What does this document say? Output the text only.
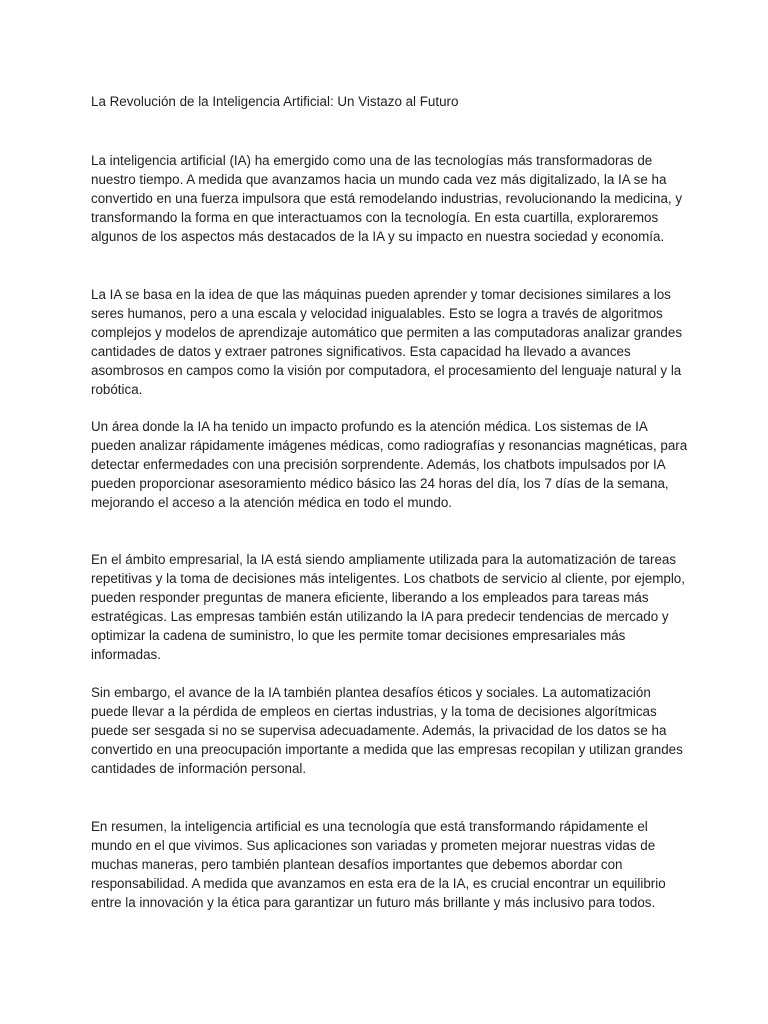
La Revolución de la Inteligencia Artificial: Un Vistazo al Futuro

La inteligencia artificial (IA) ha emergido como una de las tecnologías más transformadoras de nuestro tiempo. A medida que avanzamos hacia un mundo cada vez más digitalizado, la IA se ha convertido en una fuerza impulsora que está remodelando industrias, revolucionando la medicina, y transformando la forma en que interactuamos con la tecnología. En esta cuartilla, exploraremos algunos de los aspectos más destacados de la IA y su impacto en nuestra sociedad y economía.

La IA se basa en la idea de que las máquinas pueden aprender y tomar decisiones similares a los seres humanos, pero a una escala y velocidad inigualables. Esto se logra a través de algoritmos complejos y modelos de aprendizaje automático que permiten a las computadoras analizar grandes cantidades de datos y extraer patrones significativos. Esta capacidad ha llevado a avances asombrosos en campos como la visión por computadora, el procesamiento del lenguaje natural y la robótica.

Un área donde la IA ha tenido un impacto profundo es la atención médica. Los sistemas de IA pueden analizar rápidamente imágenes médicas, como radiografías y resonancias magnéticas, para detectar enfermedades con una precisión sorprendente. Además, los chatbots impulsados por IA pueden proporcionar asesoramiento médico básico las 24 horas del día, los 7 días de la semana, mejorando el acceso a la atención médica en todo el mundo.

En el ámbito empresarial, la IA está siendo ampliamente utilizada para la automatización de tareas repetitivas y la toma de decisiones más inteligentes. Los chatbots de servicio al cliente, por ejemplo, pueden responder preguntas de manera eficiente, liberando a los empleados para tareas más estratégicas. Las empresas también están utilizando la IA para predecir tendencias de mercado y optimizar la cadena de suministro, lo que les permite tomar decisiones empresariales más informadas.

Sin embargo, el avance de la IA también plantea desafíos éticos y sociales. La automatización puede llevar a la pérdida de empleos en ciertas industrias, y la toma de decisiones algorítmicas puede ser sesgada si no se supervisa adecuadamente. Además, la privacidad de los datos se ha convertido en una preocupación importante a medida que las empresas recopilan y utilizan grandes cantidades de información personal.

En resumen, la inteligencia artificial es una tecnología que está transformando rápidamente el mundo en el que vivimos. Sus aplicaciones son variadas y prometen mejorar nuestras vidas de muchas maneras, pero también plantean desafíos importantes que debemos abordar con responsabilidad. A medida que avanzamos en esta era de la IA, es crucial encontrar un equilibrio entre la innovación y la ética para garantizar un futuro más brillante y más inclusivo para todos.
